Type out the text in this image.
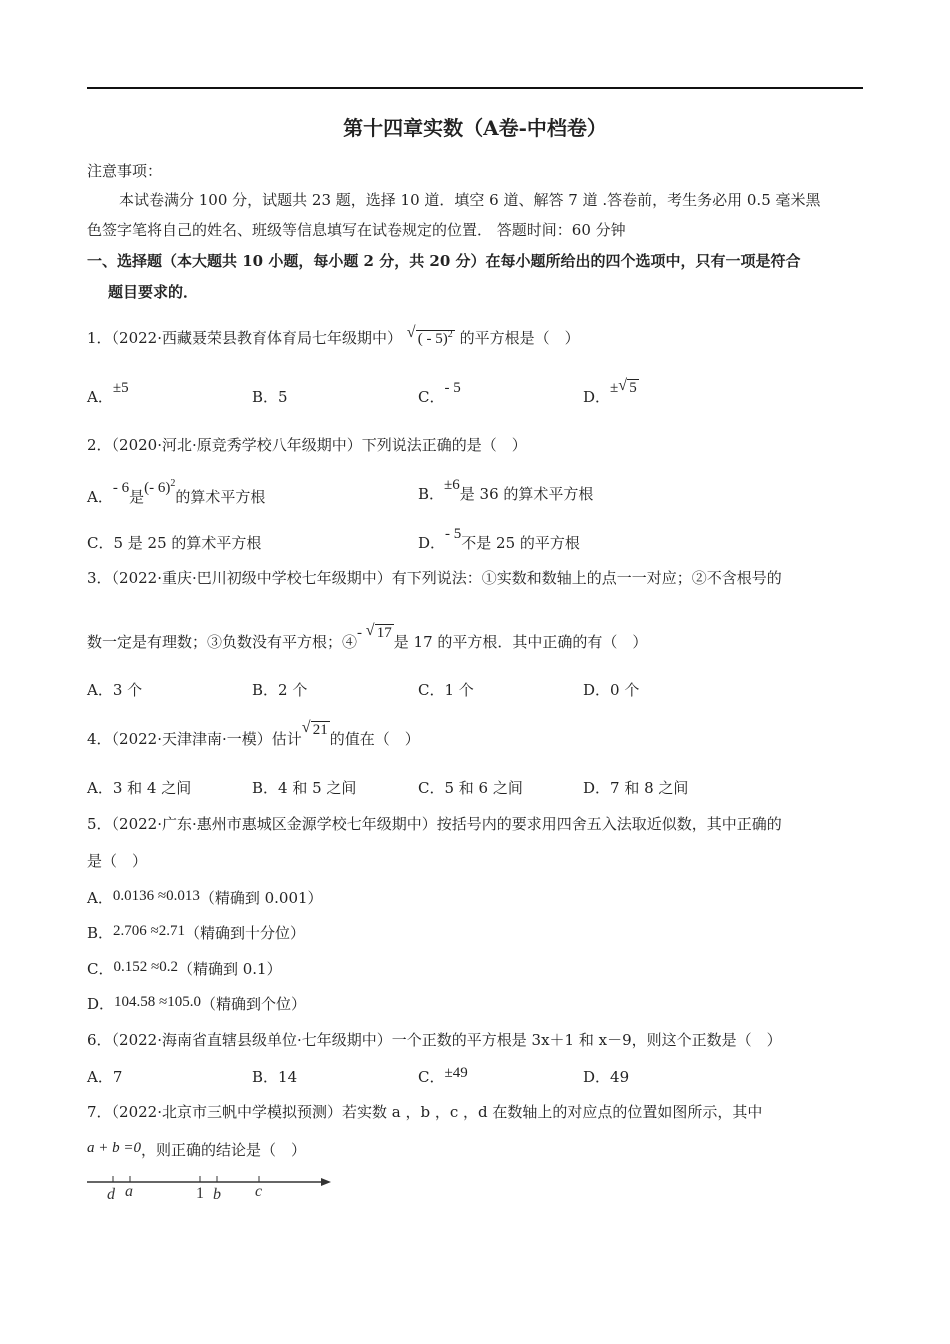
第十四章实数（A卷-中档卷）
注意事项：
本试卷满分 100 分，试题共 23 题，选择 10 道．填空 6 道、解答 7 道 .答卷前，考生务必用 0.5 毫米黑
色签字笔将自己的姓名、班级等信息填写在试卷规定的位置． 答题时间：60 分钟
一、选择题（本大题共 10 小题，每小题 2 分，共 20 分）在每小题所给出的四个选项中，只有一项是符合
题目要求的．
1．（2022·西藏聂荣县教育体育局七年级期中） √ ( - 5)$^2$ 的平方根是（　）
A．±5	B．5	C．- 5	D．± √ 5
2．（2020·河北·原竞秀学校八年级期中）下列说法正确的是（　）
A．- 6是(- 6)$^2$的算术平方根	B．±6是 36 的算术平方根
C．5 是 25 的算术平方根	D．- 5不是 25 的平方根
3．（2022·重庆·巴川初级中学校七年级期中）有下列说法：①实数和数轴上的点一一对应；②不含根号的
数一定是有理数；③负数没有平方根；④- √ 17 是 17 的平方根．其中正确的有（　）
A．3 个	B．2 个	C．1 个	D．0 个
4．（2022·天津津南·一模）估计
√ 21 的值在（　）
A．3 和 4 之间	B．4 和 5 之间	C．5 和 6 之间	D．7 和 8 之间
5．（2022·广东·惠州市惠城区金源学校七年级期中）按括号内的要求用四舍五入法取近似数，其中正确的
是（　）
A．0.0136 ≈0.013（精确到 0.001）
B．2.706 ≈2.71（精确到十分位）
C．0.152 ≈0.2（精确到 0.1）
D．104.58 ≈105.0（精确到个位）
6．（2022·海南省直辖县级单位·七年级期中）一个正数的平方根是 3x＋1 和 x－9，则这个正数是（　）
A．7	B．14	C．±49	D．49
7．（2022·北京市三帆中学模拟预测）若实数 a ，b ，c ，d 在数轴上的对应点的位置如图所示，其中
a + b =0，则正确的结论是（　）
d a	1 b c
